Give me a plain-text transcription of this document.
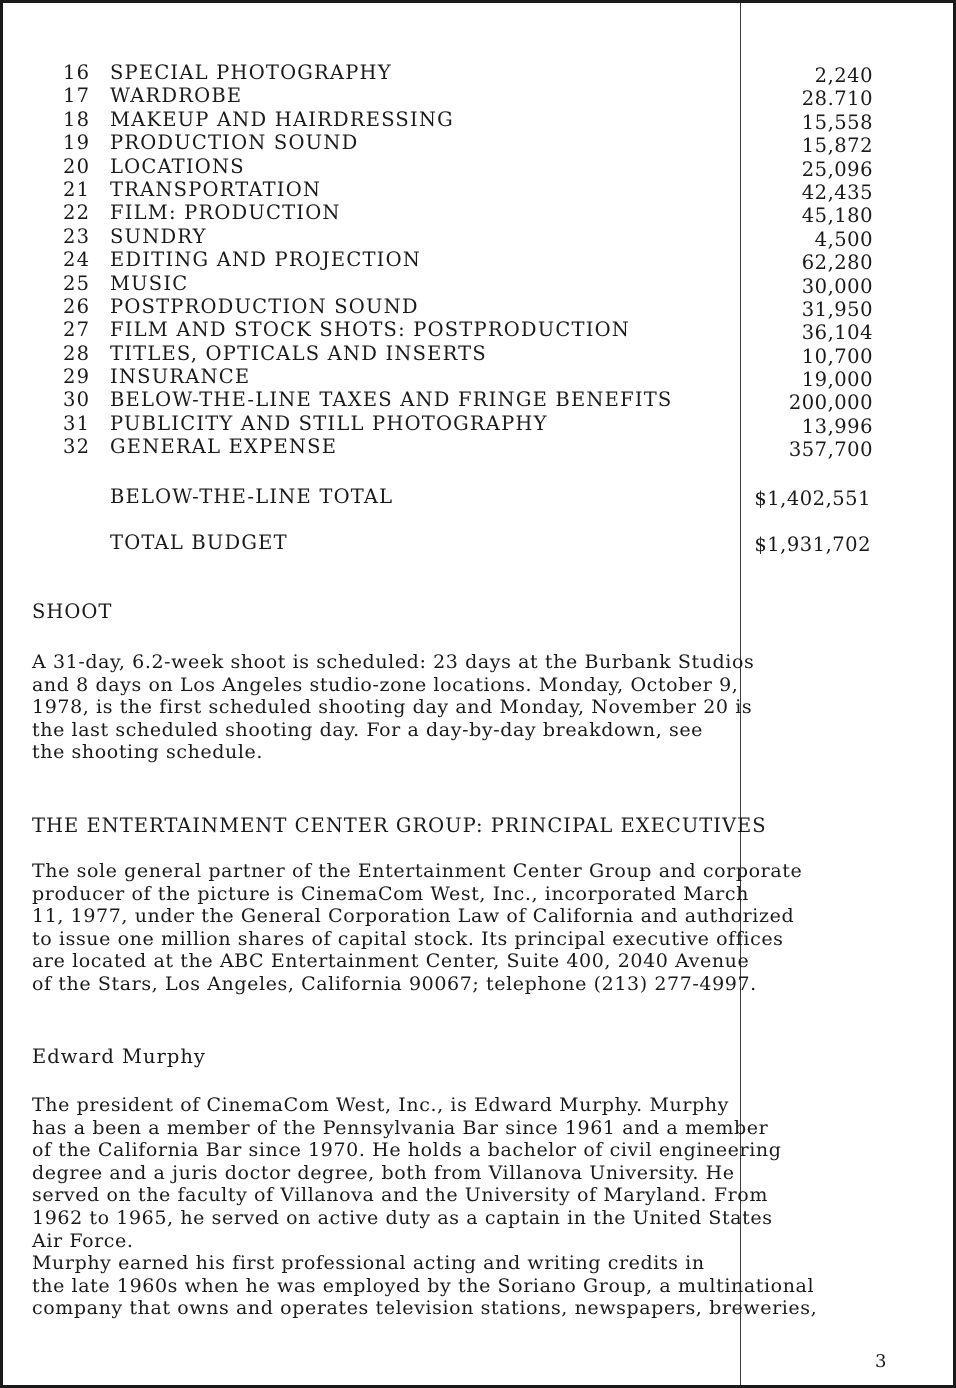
16 SPECIAL PHOTOGRAPHY	2,240
17 WARDROBE	28.710
18 MAKEUP AND HAIRDRESSING	15,558
19 PRODUCTION SOUND	15,872
20 LOCATIONS	25,096
21 TRANSPORTATION	42,435
22 FILM: PRODUCTION	45,180
23 SUNDRY	4,500
24 EDITING AND PROJECTION	62,280
25 MUSIC	30,000
26 POSTPRODUCTION SOUND	31,950
27 FILM AND STOCK SHOTS: POSTPRODUCTION	36,104
28 TITLES, OPTICALS AND INSERTS	10,700
29 INSURANCE	19,000
30 BELOW-THE-LINE TAXES AND FRINGE BENEFITS	200,000
31 PUBLICITY AND STILL PHOTOGRAPHY	13,996
32 GENERAL EXPENSE	357,700
BELOW-THE-LINE TOTAL	$1,402,551
TOTAL BUDGET	$1,931,702
SHOOT

A 31-day, 6.2-week shoot is scheduled: 23 days at the Burbank Studios
and 8 days on Los Angeles studio-zone locations. Monday, October 9,
1978, is the first scheduled shooting day and Monday, November 20 is
the last scheduled shooting day. For a day-by-day breakdown, see
the shooting schedule.

THE ENTERTAINMENT CENTER GROUP: PRINCIPAL EXECUTIVES

The sole general partner of the Entertainment Center Group and corporate
producer of the picture is CinemaCom West, Inc., incorporated March
11, 1977, under the General Corporation Law of California and authorized
to issue one million shares of capital stock. Its principal executive offices
are located at the ABC Entertainment Center, Suite 400, 2040 Avenue
of the Stars, Los Angeles, California 90067; telephone (213) 277-4997.

Edward Murphy

The president of CinemaCom West, Inc., is Edward Murphy. Murphy
has a been a member of the Pennsylvania Bar since 1961 and a member
of the California Bar since 1970. He holds a bachelor of civil engineering
degree and a juris doctor degree, both from Villanova University. He
served on the faculty of Villanova and the University of Maryland. From
1962 to 1965, he served on active duty as a captain in the United States
Air Force.
Murphy earned his first professional acting and writing credits in
the late 1960s when he was employed by the Soriano Group, a multinational
company that owns and operates television stations, newspapers, breweries,

3
